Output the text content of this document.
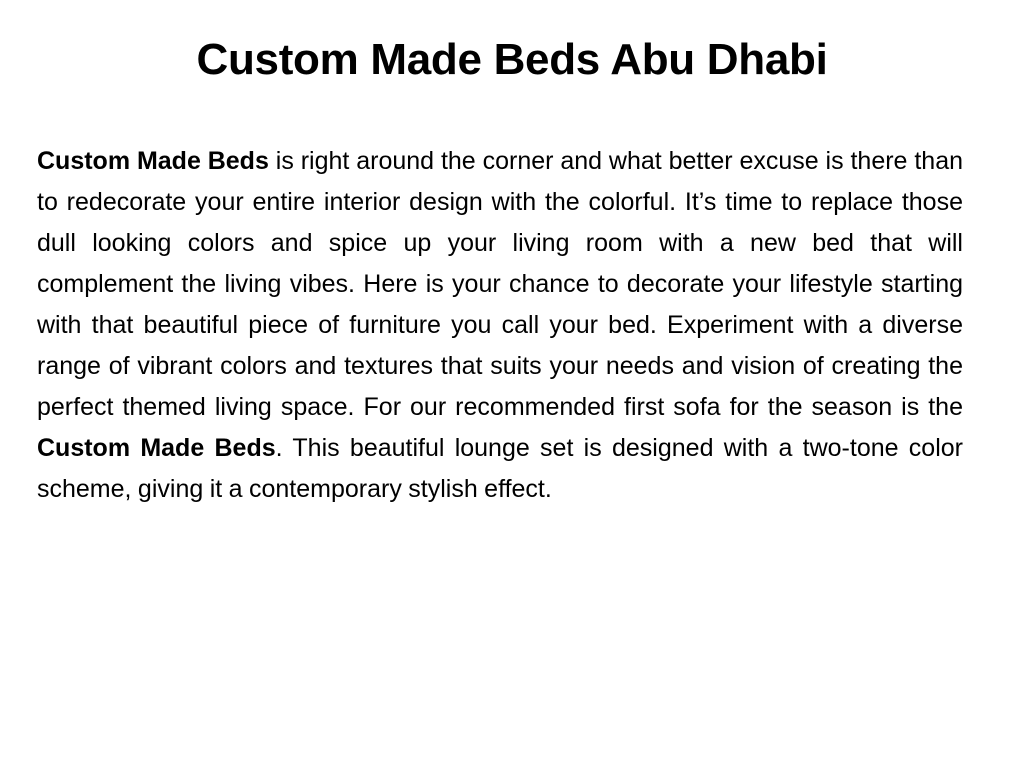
Custom Made Beds Abu Dhabi

Custom Made Beds is right around the corner and what better excuse is there than to redecorate your entire interior design with the colorful. It’s time to replace those dull looking colors and spice up your living room with a new bed that will complement the living vibes. Here is your chance to decorate your lifestyle starting with that beautiful piece of furniture you call your bed. Experiment with a diverse range of vibrant colors and textures that suits your needs and vision of creating the perfect themed living space. For our recommended first sofa for the season is the Custom Made Beds. This beautiful lounge set is designed with a two-tone color scheme, giving it a contemporary stylish effect.
